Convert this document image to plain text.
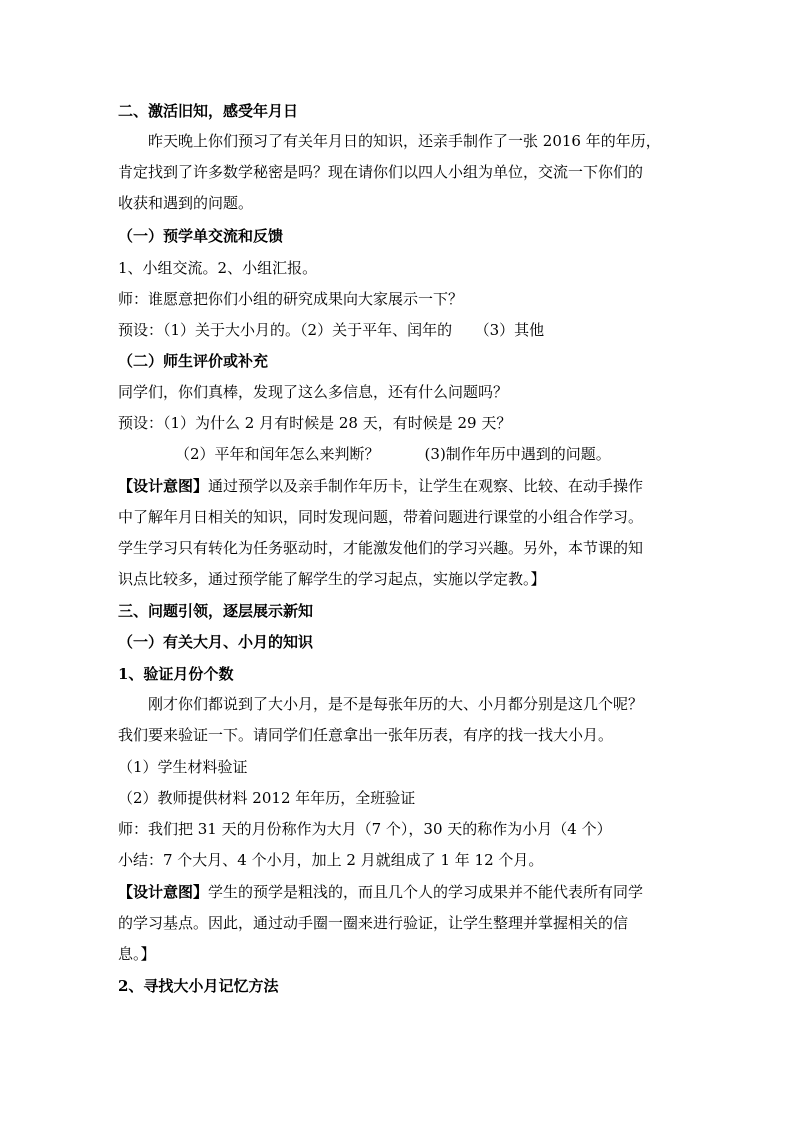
二、激活旧知，感受年月日
昨天晚上你们预习了有关年月日的知识，还亲手制作了一张 2016 年的年历，
肯定找到了许多数学秘密是吗？现在请你们以四人小组为单位，交流一下你们的
收获和遇到的问题。
（一）预学单交流和反馈
1、小组交流。2、小组汇报。
师：谁愿意把你们小组的研究成果向大家展示一下？
预设：（1）关于大小月的。（2）关于平年、闰年的　　（3）其他
（二）师生评价或补充
同学们，你们真棒，发现了这么多信息，还有什么问题吗？
预设：（1）为什么 2 月有时候是 28 天，有时候是 29 天？
（2）平年和闰年怎么来判断？　　　(3)制作年历中遇到的问题。
【设计意图】通过预学以及亲手制作年历卡，让学生在观察、比较、在动手操作
中了解年月日相关的知识，同时发现问题，带着问题进行课堂的小组合作学习。
学生学习只有转化为任务驱动时，才能激发他们的学习兴趣。另外，本节课的知
识点比较多，通过预学能了解学生的学习起点，实施以学定教。】
三、问题引领，逐层展示新知
（一）有关大月、小月的知识
1、验证月份个数
刚才你们都说到了大小月，是不是每张年历的大、小月都分别是这几个呢？
我们要来验证一下。请同学们任意拿出一张年历表，有序的找一找大小月。
（1）学生材料验证
（2）教师提供材料 2012 年年历，全班验证
师：我们把 31 天的月份称作为大月（7 个），30 天的称作为小月（4 个）
小结：7 个大月、4 个小月，加上 2 月就组成了 1 年 12 个月。
【设计意图】学生的预学是粗浅的，而且几个人的学习成果并不能代表所有同学
的学习基点。因此，通过动手圈一圈来进行验证，让学生整理并掌握相关的信
息。】
2、寻找大小月记忆方法
